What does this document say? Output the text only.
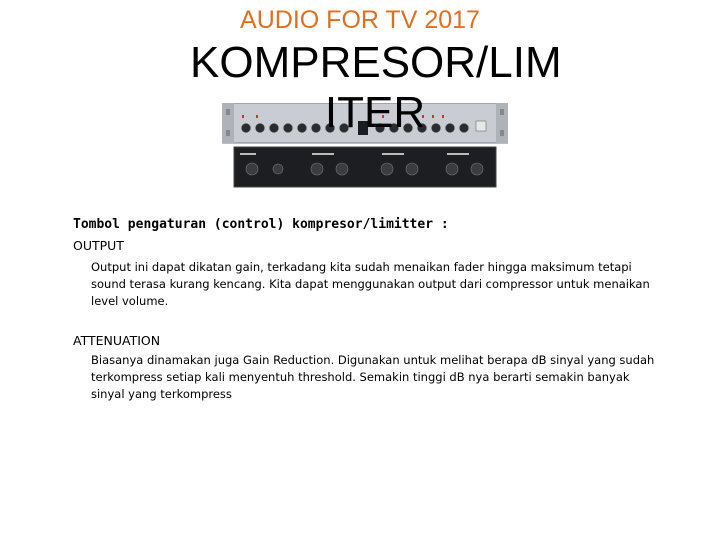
AUDIO FOR TV 2017
KOMPRESOR/LIM
ITER
Tombol pengaturan (control) kompresor/limitter :
OUTPUT
Output ini dapat dikatan gain, terkadang kita sudah menaikan fader hingga maksimum tetapi sound terasa kurang kencang. Kita dapat menggunakan output dari compressor untuk menaikan level volume.
ATTENUATION
Biasanya dinamakan juga Gain Reduction. Digunakan untuk melihat berapa dB sinyal yang sudah terkompress setiap kali menyentuh threshold. Semakin tinggi dB nya berarti semakin banyak sinyal yang terkompress
